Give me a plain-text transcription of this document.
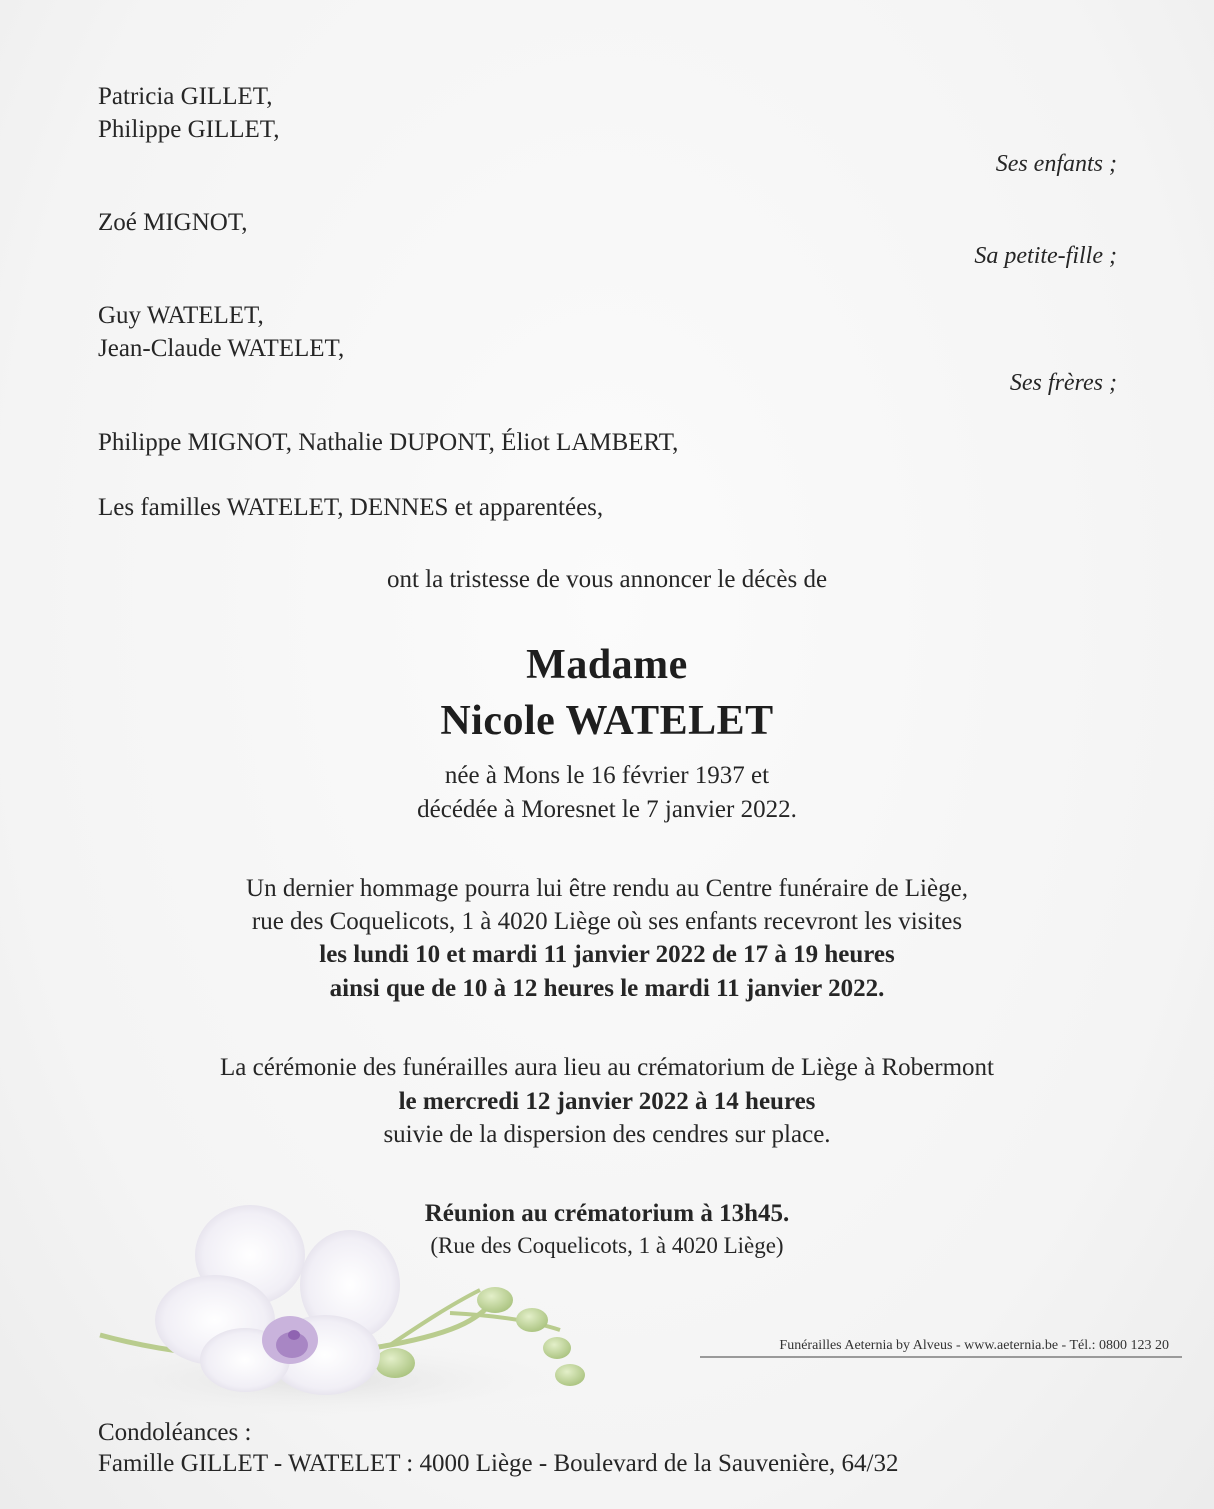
Patricia GILLET,
Philippe GILLET,
Ses enfants ;
Zoé MIGNOT,
Sa petite-fille ;
Guy WATELET,
Jean-Claude WATELET,
Ses frères ;
Philippe MIGNOT, Nathalie DUPONT, Éliot LAMBERT,
Les familles WATELET, DENNES et apparentées,
ont la tristesse de vous annoncer le décès de
Madame
Nicole WATELET
née à Mons le 16 février 1937 et
décédée à Moresnet le 7 janvier 2022.
Un dernier hommage pourra lui être rendu au Centre funéraire de Liège,
rue des Coquelicots, 1 à 4020 Liège où ses enfants recevront les visites
les lundi 10 et mardi 11 janvier 2022 de 17 à 19 heures
ainsi que de 10 à 12 heures le mardi 11 janvier 2022.
La cérémonie des funérailles aura lieu au crématorium de Liège à Robermont
le mercredi 12 janvier 2022 à 14 heures
suivie de la dispersion des cendres sur place.
Réunion au crématorium à 13h45.
(Rue des Coquelicots, 1 à 4020 Liège)
Funérailles Aeternia by Alveus - www.aeternia.be - Tél.: 0800 123 20
Condoléances :
Famille GILLET - WATELET : 4000 Liège - Boulevard de la Sauvenière, 64/32
